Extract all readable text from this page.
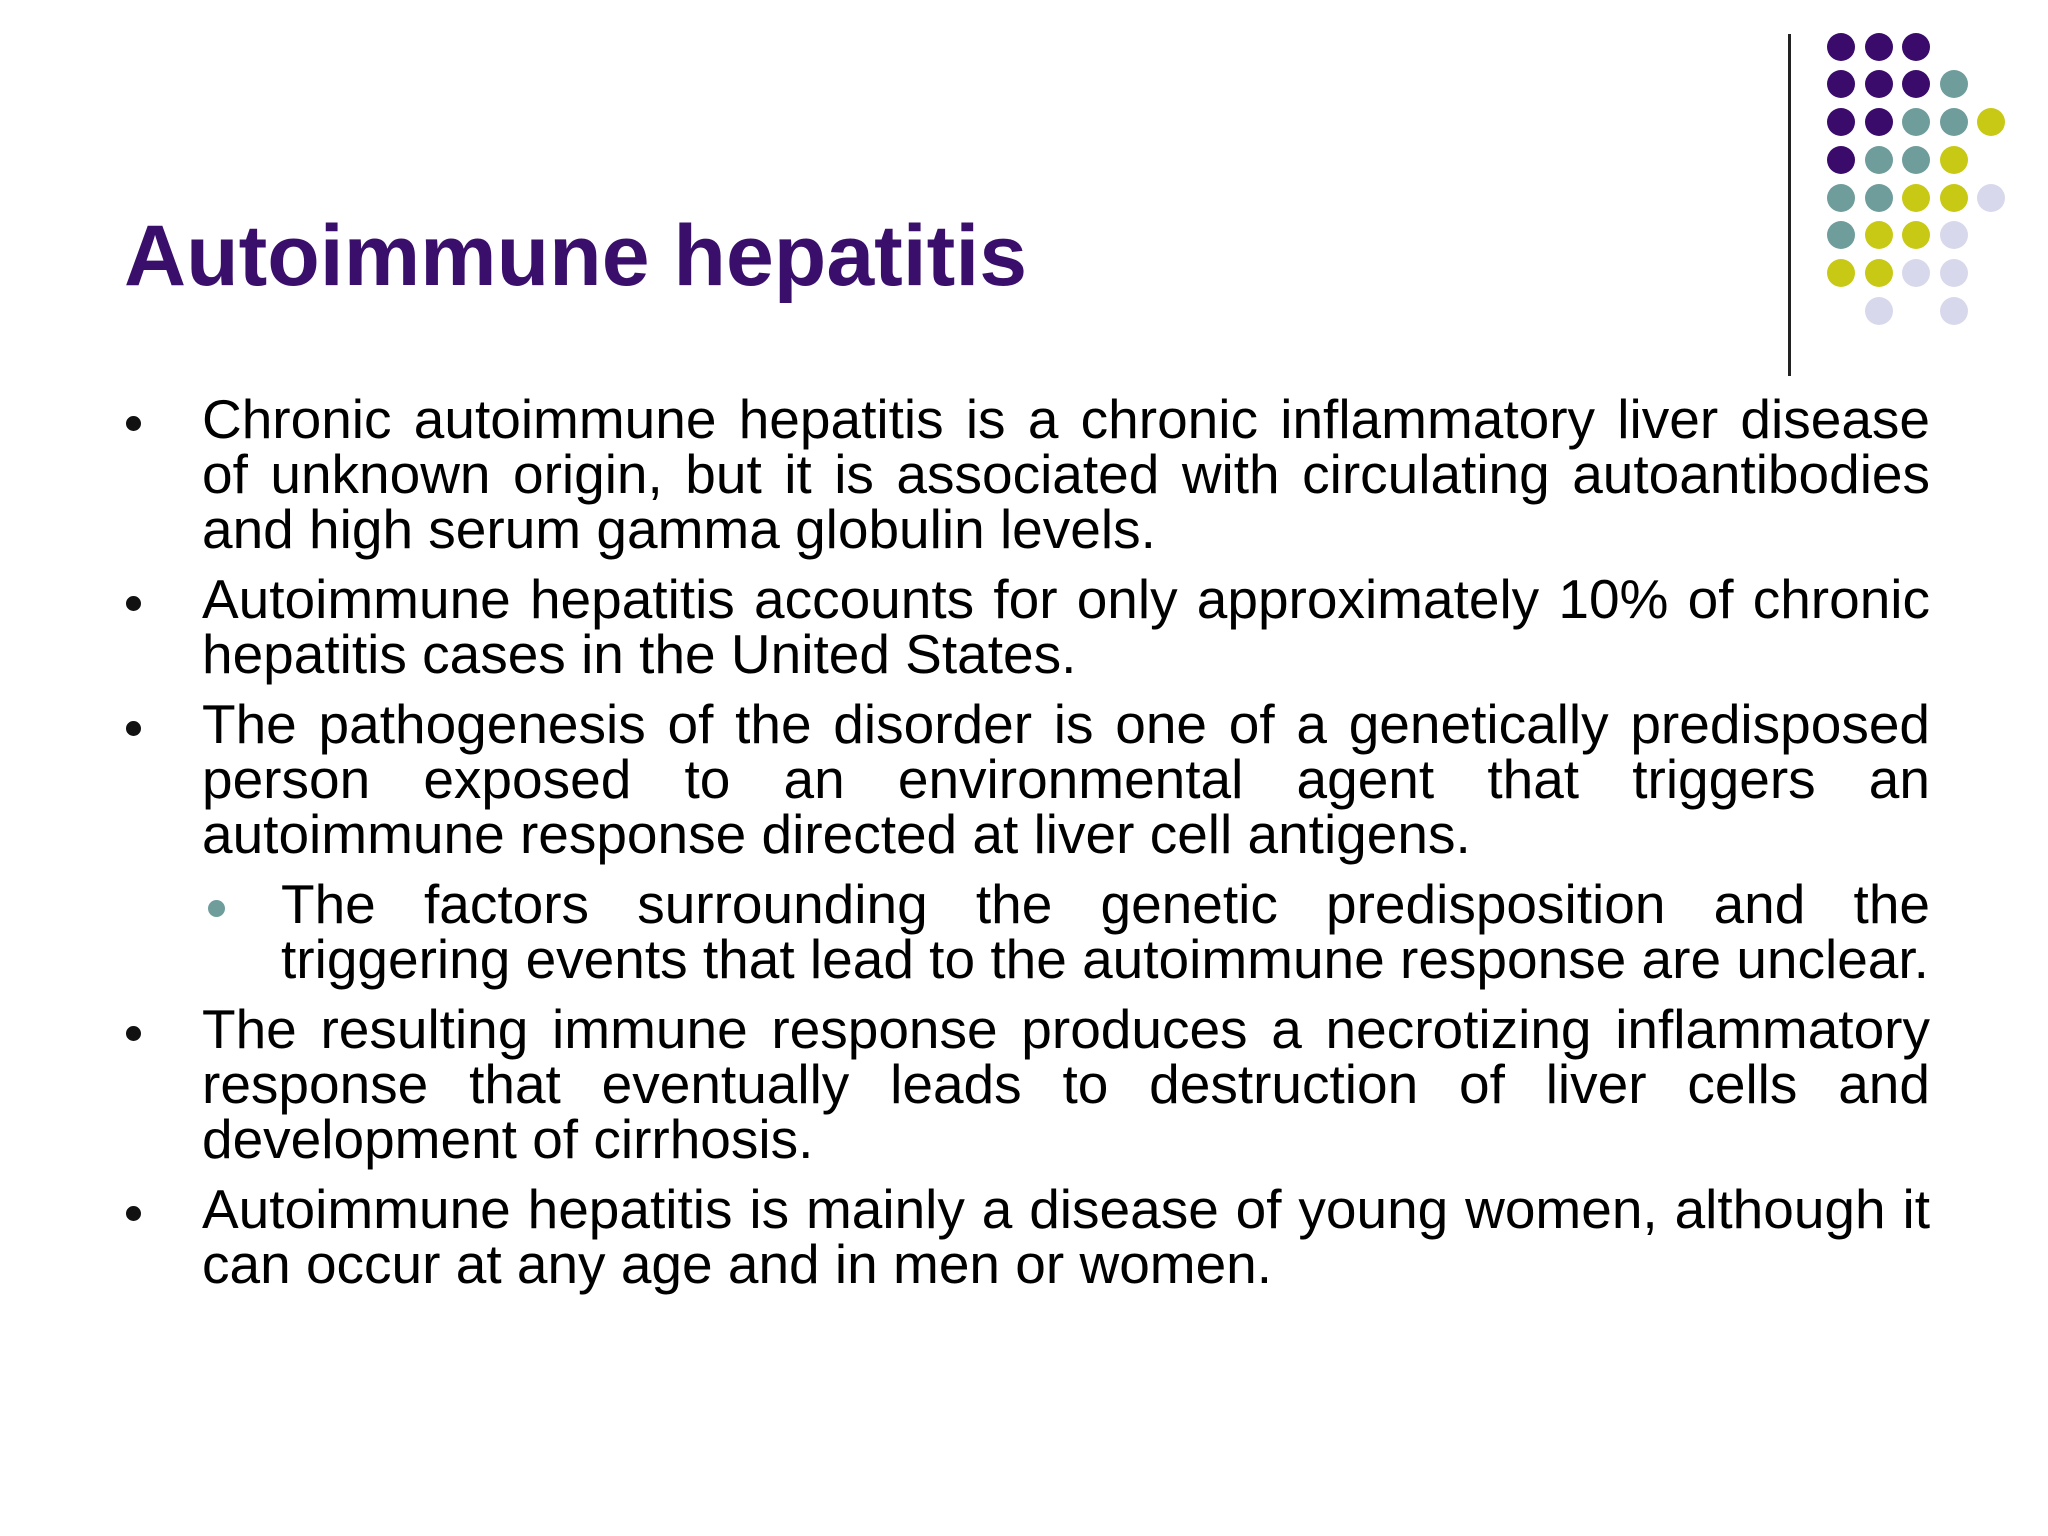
Autoimmune hepatitis
Chronic autoimmune hepatitis is a chronic inflammatory liver disease of unknown origin, but it is associated with circulating autoantibodies and high serum gamma globulin levels.
Autoimmune hepatitis accounts for only approximately 10% of chronic hepatitis cases in the United States.
The pathogenesis of the disorder is one of a genetically predisposed person exposed to an environmental agent that triggers an autoimmune response directed at liver cell antigens.
The factors surrounding the genetic predisposition and the triggering events that lead to the autoimmune response are unclear.
The resulting immune response produces a necrotizing inflammatory response that eventually leads to destruction of liver cells and development of cirrhosis.
Autoimmune hepatitis is mainly a disease of young women, although it can occur at any age and in men or women.
